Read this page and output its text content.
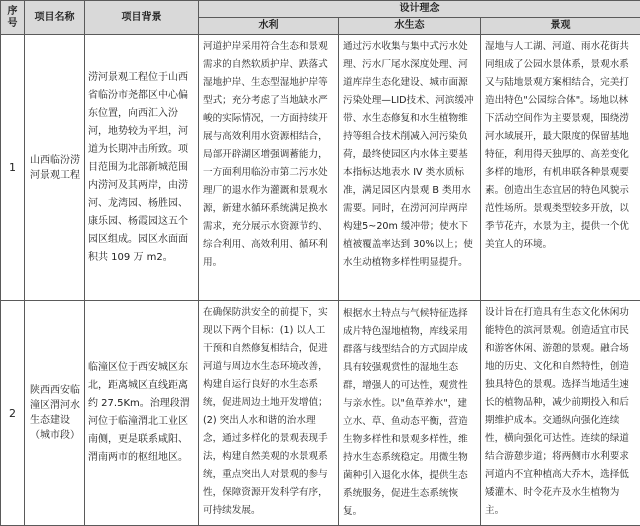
序号	项目名称	项目背景	设计理念		
			水利	水生态	景观
1	山西临汾涝河景观工程	涝河景观工程位于山西省临汾市尧都区中心偏东位置，向西汇入汾河，地势较为平坦，河道为长期冲击所致。项目范围为北部新城范围内涝河及其两岸，由涝河、龙湾园、杨胜园、康乐园、杨霞园这五个园区组成。园区水面面积共 109 万 m2。	河道护岸采用符合生态和景观需求的自然软质护岸、跌落式湿地护岸、生态型湿地护岸等型式；充分考虑了当地缺水严峻的实际情况，一方面持续开展与高效利用水资源相结合，局部开辟湖区增强调蓄能力，一方面利用临汾市第二污水处理厂的退水作为灌溉和景观水源，新建水循环系统满足换水需求，充分展示水资源节约、综合利用、高效利用、循环利用。	通过污水收集与集中式污水处理、污水厂尾水深度处理、河道库岸生态化建设、城市面源污染处理—LID技术、河滨缓冲带、水生态修复和水生植物维持等组合技术削减入河污染负荷，最终使园区内水体主要基本指标达地表水 IV 类水质标准，满足园区内景观 B 类用水需要。同时，在涝河河岸两岸构建5~20m 缓冲带；使水下植被覆盖率达到 30%以上；使水生动植物多样性明显提升。	湿地与人工湖、河道、雨水花街共同组成了公园水景体系，景观水系又与陆地景观方案相结合，完美打造出特色"公园综合体"。场地以林下活动空间作为主要景观，围绕涝河水域展开，最大限度的保留基地特征，利用得天独厚的、高差变化多样的地形，有机串联各种景观要素。创造出生态宜居的特色风貌示范性场所。景观类型较多开放，以季节花卉，水景为主，提供一个优美宜人的环境。
2	陕西西安临潼区渭河水生态建设（城市段）	临潼区位于西安城区东北，距离城区直线距离约 27.5Km。治理段渭河位于临潼渭北工业区南侧，更是联系咸阳、渭南两市的枢纽地区。	在确保防洪安全的前提下，实现以下两个目标：(1) 以人工干预和自然修复相结合，促进河道与周边水生态环境改善，构建自运行良好的水生态系统，促进周边土地开发增值；(2) 突出人水和谐的治水理念，通过多样化的景观表现手法，构建自然美观的水景观系统，重点突出人对景观的参与性，保障资源开发科学有序，可持续发展。	根据水土特点与气候特征选择成片特色湿地植物，库线采用群落与线型结合的方式固岸成具有较强观赏性的湿地生态群，增强人的可达性，观赏性与亲水性。以"鱼草养水"，建立水、草、鱼动态平衡，营造生物多样性和景观多样性，维持水生态系统稳定。用微生物菌种引入退化水体，提供生态系统服务，促进生态系统恢复。	设计旨在打造具有生态文化休闲功能特色的滨河景观。创造适宜市民和游客休闲、游憩的景观。融合场地的历史、文化和自然特性，创造独具特色的景观。选择当地适生速长的植物品种，减少前期投入和后期维护成本。交通纵向强化连续性，横向强化可达性。连续的绿道结合游憩步道；将两侧市水利要求河道内不宜种植高大乔木，选择低矮灌木、时令花卉及水生植物为主。
